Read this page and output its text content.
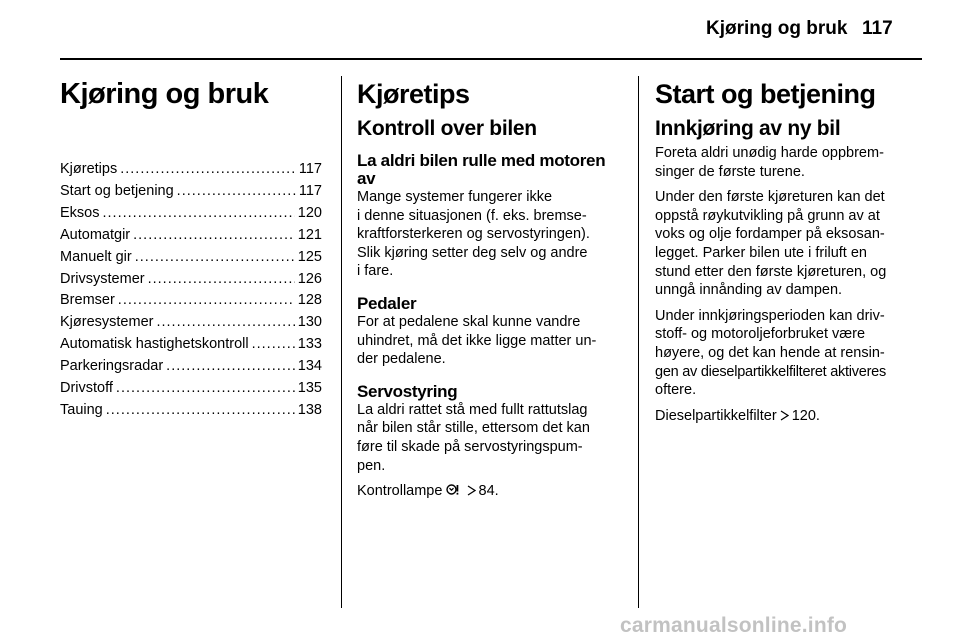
Kjøring og bruk 117
Kjøring og bruk
Kjøretips .....	117
Start og betjening .....	117
Eksos .....	120
Automatgir .....	121
Manuelt gir .....	125
Drivsystemer .....	126
Bremser .....	128
Kjøresystemer .....	130
Automatisk hastighetskontroll .....	133
Parkeringsradar .....	134
Drivstoff .....	135
Tauing .....	138
Kjøretips
Kontroll over bilen
La aldri bilen rulle med motoren av
Mange systemer fungerer ikke
i denne situasjonen (f. eks. bremse-
kraftforsterkeren og servostyringen).
Slik kjøring setter deg selv og andre
i fare.
Pedaler
For at pedalene skal kunne vandre
uhindret, må det ikke ligge matter un-
der pedalene.
Servostyring
La aldri rattet stå med fullt rattutslag
når bilen står stille, ettersom det kan
føre til skade på servostyringspum-
pen.
Kontrollampe 84.
Start og betjening
Innkjøring av ny bil
Foreta aldri unødig harde oppbrem-
singer de første turene.
Under den første kjøreturen kan det
oppstå røykutvikling på grunn av at
voks og olje fordamper på eksosan-
legget. Parker bilen ute i friluft en
stund etter den første kjøreturen, og
unngå innånding av dampen.
Under innkjøringsperioden kan driv-
stoff- og motoroljeforbruket være
høyere, og det kan hende at rensin-
gen av dieselpartikkelfilteret aktiveres
oftere.
Dieselpartikkelfilter 120.
carmanualsonline.info
